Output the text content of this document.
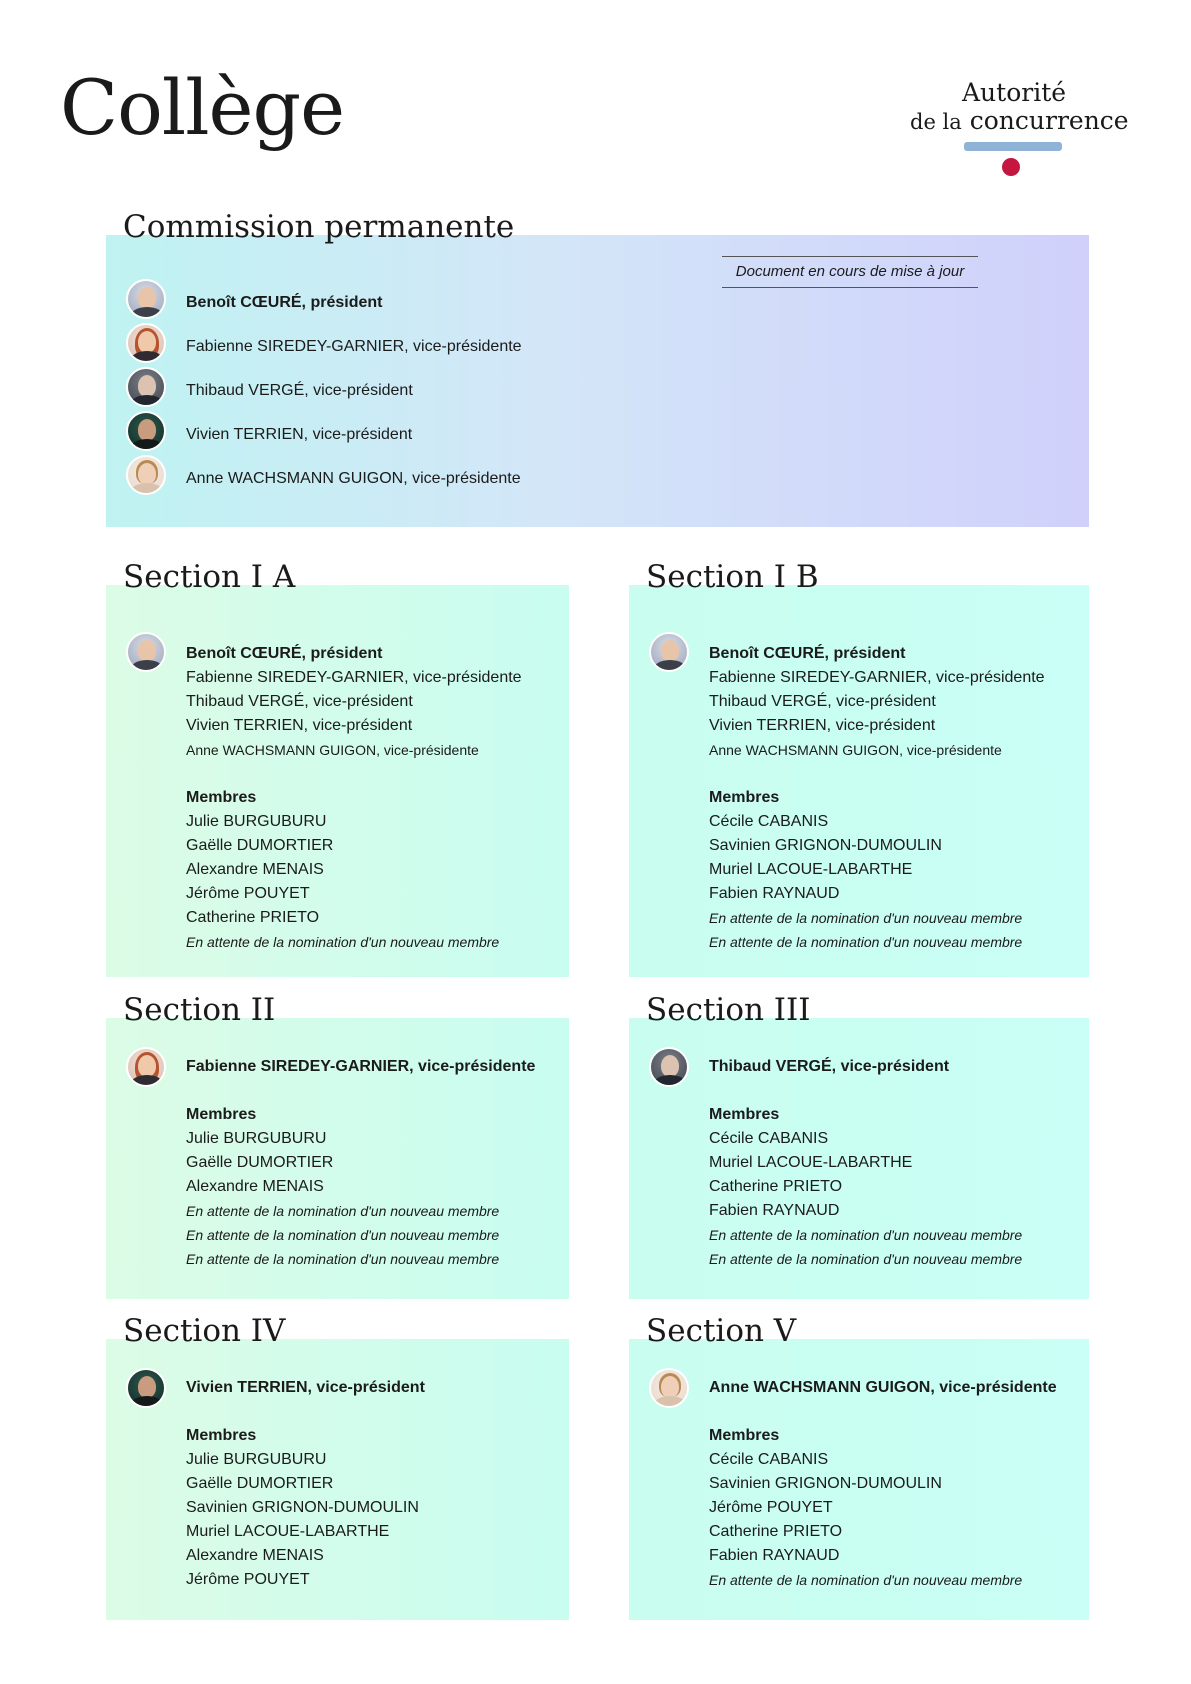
Collège	Autorité
de la concurrence
Commission permanente
Benoît CŒURÉ, président
Fabienne SIREDEY-GARNIER, vice-présidente
Thibaud VERGÉ, vice-président
Vivien TERRIEN, vice-président
Anne WACHSMANN GUIGON, vice-présidente
Document en cours de mise à jour
Section I A
Benoît CŒURÉ, président
Fabienne SIREDEY-GARNIER, vice-présidente
Thibaud VERGÉ, vice-président
Vivien TERRIEN, vice-président
Anne WACHSMANN GUIGON, vice-présidente
Membres
Julie BURGUBURU
Gaëlle DUMORTIER
Alexandre MENAIS
Jérôme POUYET
Catherine PRIETO
En attente de la nomination d'un nouveau membre
Section I B
Benoît CŒURÉ, président
Fabienne SIREDEY-GARNIER, vice-présidente
Thibaud VERGÉ, vice-président
Vivien TERRIEN, vice-président
Anne WACHSMANN GUIGON, vice-présidente
Membres
Cécile CABANIS
Savinien GRIGNON-DUMOULIN
Muriel LACOUE-LABARTHE
Fabien RAYNAUD
En attente de la nomination d'un nouveau membre
En attente de la nomination d'un nouveau membre
Section II
Fabienne SIREDEY-GARNIER, vice-présidente
Membres
Julie BURGUBURU
Gaëlle DUMORTIER
Alexandre MENAIS
En attente de la nomination d'un nouveau membre
En attente de la nomination d'un nouveau membre
En attente de la nomination d'un nouveau membre
Section III
Thibaud VERGÉ, vice-président
Membres
Cécile CABANIS
Muriel LACOUE-LABARTHE
Catherine PRIETO
Fabien RAYNAUD
En attente de la nomination d'un nouveau membre
En attente de la nomination d'un nouveau membre
Section IV
Vivien TERRIEN, vice-président
Membres
Julie BURGUBURU
Gaëlle DUMORTIER
Savinien GRIGNON-DUMOULIN
Muriel LACOUE-LABARTHE
Alexandre MENAIS
Jérôme POUYET
Section V
Anne WACHSMANN GUIGON, vice-présidente
Membres
Cécile CABANIS
Savinien GRIGNON-DUMOULIN
Jérôme POUYET
Catherine PRIETO
Fabien RAYNAUD
En attente de la nomination d'un nouveau membre
